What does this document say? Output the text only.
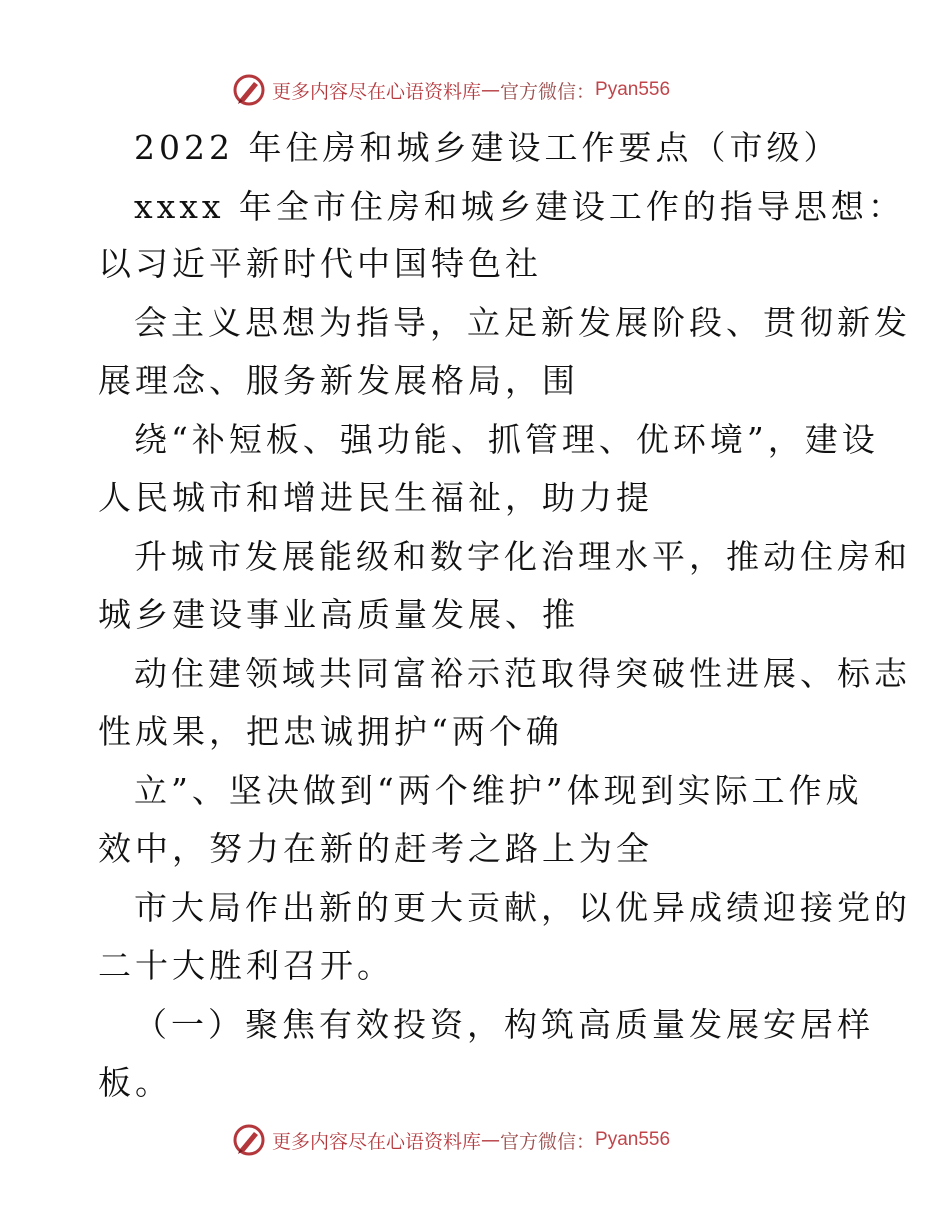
更多内容尽在心语资料库 — 官方微信： Pyan556
2022 年住房和城乡建设工作要点（市级）
xxxx 年全市住房和城乡建设工作的指导思想：
以习近平新时代中国特色社
会主义思想为指导，立足新发展阶段、贯彻新发
展理念、服务新发展格局，围
绕“补短板、强功能、抓管理、优环境”，建设
人民城市和增进民生福祉，助力提
升城市发展能级和数字化治理水平，推动住房和
城乡建设事业高质量发展、推
动住建领域共同富裕示范取得突破性进展、标志
性成果，把忠诚拥护“两个确
立”、坚决做到“两个维护”体现到实际工作成
效中，努力在新的赶考之路上为全
市大局作出新的更大贡献，以优异成绩迎接党的
二十大胜利召开。
（一）聚焦有效投资，构筑高质量发展安居样
板。
更多内容尽在心语资料库 — 官方微信： Pyan556
